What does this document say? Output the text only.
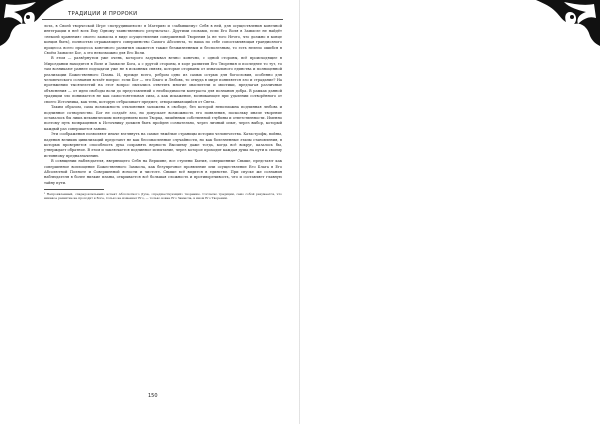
ТРАДИЦИИ И ПРОРОКИ

лота, в Своей творческой Игре «потрудившеюся» в Материю и «забывшему» Себя в ней, для осуществления конечной интеграции в неё всех Ему Одному таинственного результата». Другими словами, если Его Воля в Замысле не найдёт «некоей хранения» своего замысла в виде осуществления совершенной Творения (а не того Нечто, что должно в конце концов быть), полностью отражающего совершенство Самого Абсолюта, то ваша по себе сопоставляющая грандиозного процесса всего процесса конечного развития окажется также безжизненным и бесполезным, то есть нелепо ошибся в Своём Замысле Бог, а это невозможно для Его Воли.

В этом — развёрнутом уже очень, которого задумывал вечно: конечно, с одной стороны, всё происходящее в Мироздании находится в Воле и Замысле Бога, а с другой стороны, в ходе развития Его Творения и последнее то тут, то там возникают раннее подзадачи уже не в исконных связях, которые оторваны от изначального единства и полноценной реализации Божественного Плана. И, прежде всего, ребром одно из самых острых для богословия, особенно для человеческого сознания встаёт вопрос: если Бог — это Благо и Любовь, то откуда в мире появляется зло и страдание? На протяжении тысячелетий на этот вопрос пытались ответить многие мыслители и мистики, предлагая различные объяснения — от идеи свободы воли до представлений о необходимости контраста для познания добра. В рамках данной традиции зло понимается не как самостоятельная сила, а как искажение, возникающее при удалении сотворённого от своего Источника, как тень, которую отбрасывает предмет, отворачивающийся от Света.

Таким образом, сама возможность отклонения заложена в свободе, без которой невозможна подлинная любовь и подлинное сотворчество. Бог не создаёт зло, но допускает возможность его появления, поскольку иначе творение оставалось бы лишь механическим повторением воли Творца, лишённым собственной глубины и ответственности. Именно поэтому путь возвращения к Источнику должен быть пройден сознательно, через личный опыт, через выбор, который каждый раз совершается заново.

Эти соображения позволяют иначе взглянуть на самые тяжёлые страницы истории человечества. Катастрофы, войны, падения великих цивилизаций предстают не как бессмысленные случайности, но как болезненные этапы становления, в которых проверяется способность духа сохранять верность Высшему даже тогда, когда всё вокруг, казалось бы, утверждает обратное. В этом и заключается подлинное испытание, через которое проходит каждая душа на пути к своему истинному предназначению.

В освящении наблюдателя, вверяющего Себя на Вершине, все ступени Бытия, совершенные Свыше, предстают как совершенное воплощение Божественного Замысла, как безупречное проявление или осуществление Его Блага в Его Абсолютной Полноте и Совершенной ясности и чистоте. Свыше всё видится в единстве. При спуске же сознания наблюдателя в более низкие планы, открывается всё большая сложность и противоречивость, что и составляет главную тайну пути.

¹ Непроявленный, «парадоксальный» аспект Абсолютного Духа, «предшествующий» творению. Согласно традиции, само собой разумеется, что никакое развитие не проходит в Боге, только не изменяет Его, — только вовне Его Замысла, в ином Его Творении.

150
